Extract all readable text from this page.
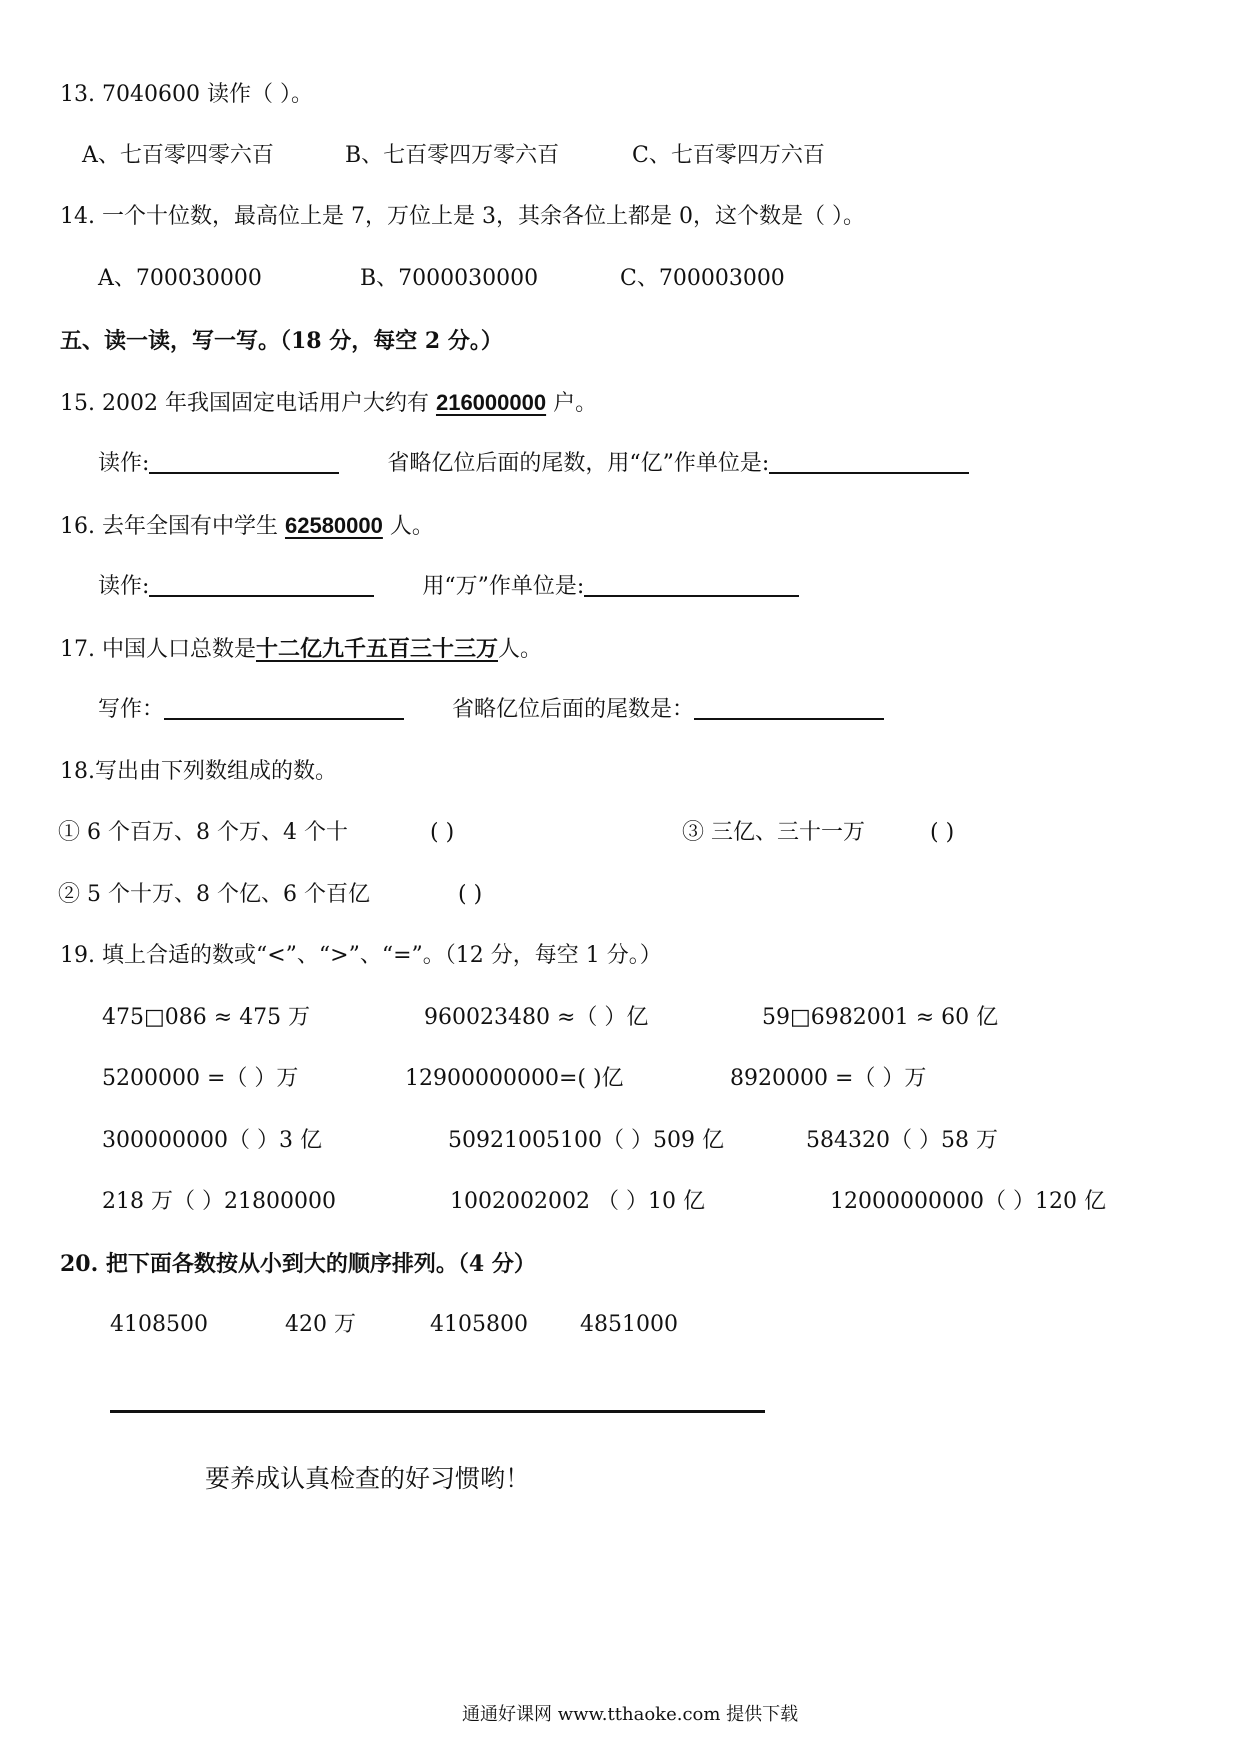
13. 7040600 读作（ ）。
A、七百零四零六百	B、七百零四万零六百	C、七百零四万六百
14. 一个十位数，最高位上是 7，万位上是 3，其余各位上都是 0，这个数是（ ）。
A、700030000	B、7000030000	C、700003000
五、读一读，写一写。（18 分，每空 2 分。）
15. 2002 年我国固定电话用户大约有 216000000 户。
读作:	省略亿位后面的尾数，用“亿”作单位是:
16. 去年全国有中学生 62580000 人。
读作:	用“万”作单位是:
17. 中国人口总数是十二亿九千五百三十三万人。
写作：	省略亿位后面的尾数是：
18.写出由下列数组成的数。
① 6 个百万、8 个万、4 个十	( )	③ 三亿、三十一万	( )
② 5 个十万、8 个亿、6 个百亿	( )
19. 填上合适的数或“<”、“>”、“=”。（12 分，每空 1 分。）
475□086 ≈ 475 万	960023480 ≈（ ）亿	59□6982001 ≈ 60 亿
5200000 =（ ）万	12900000000=( )亿	8920000 =（ ）万
300000000（ ）3 亿	50921005100（ ）509 亿	584320（ ）58 万
218 万（ ）21800000	1002002002 （ ）10 亿	12000000000（ ）120 亿
20. 把下面各数按从小到大的顺序排列。（4 分）
4108500	420 万	4105800 4851000
要养成认真检查的好习惯哟！
通通好课网 www.tthaoke.com 提供下载
